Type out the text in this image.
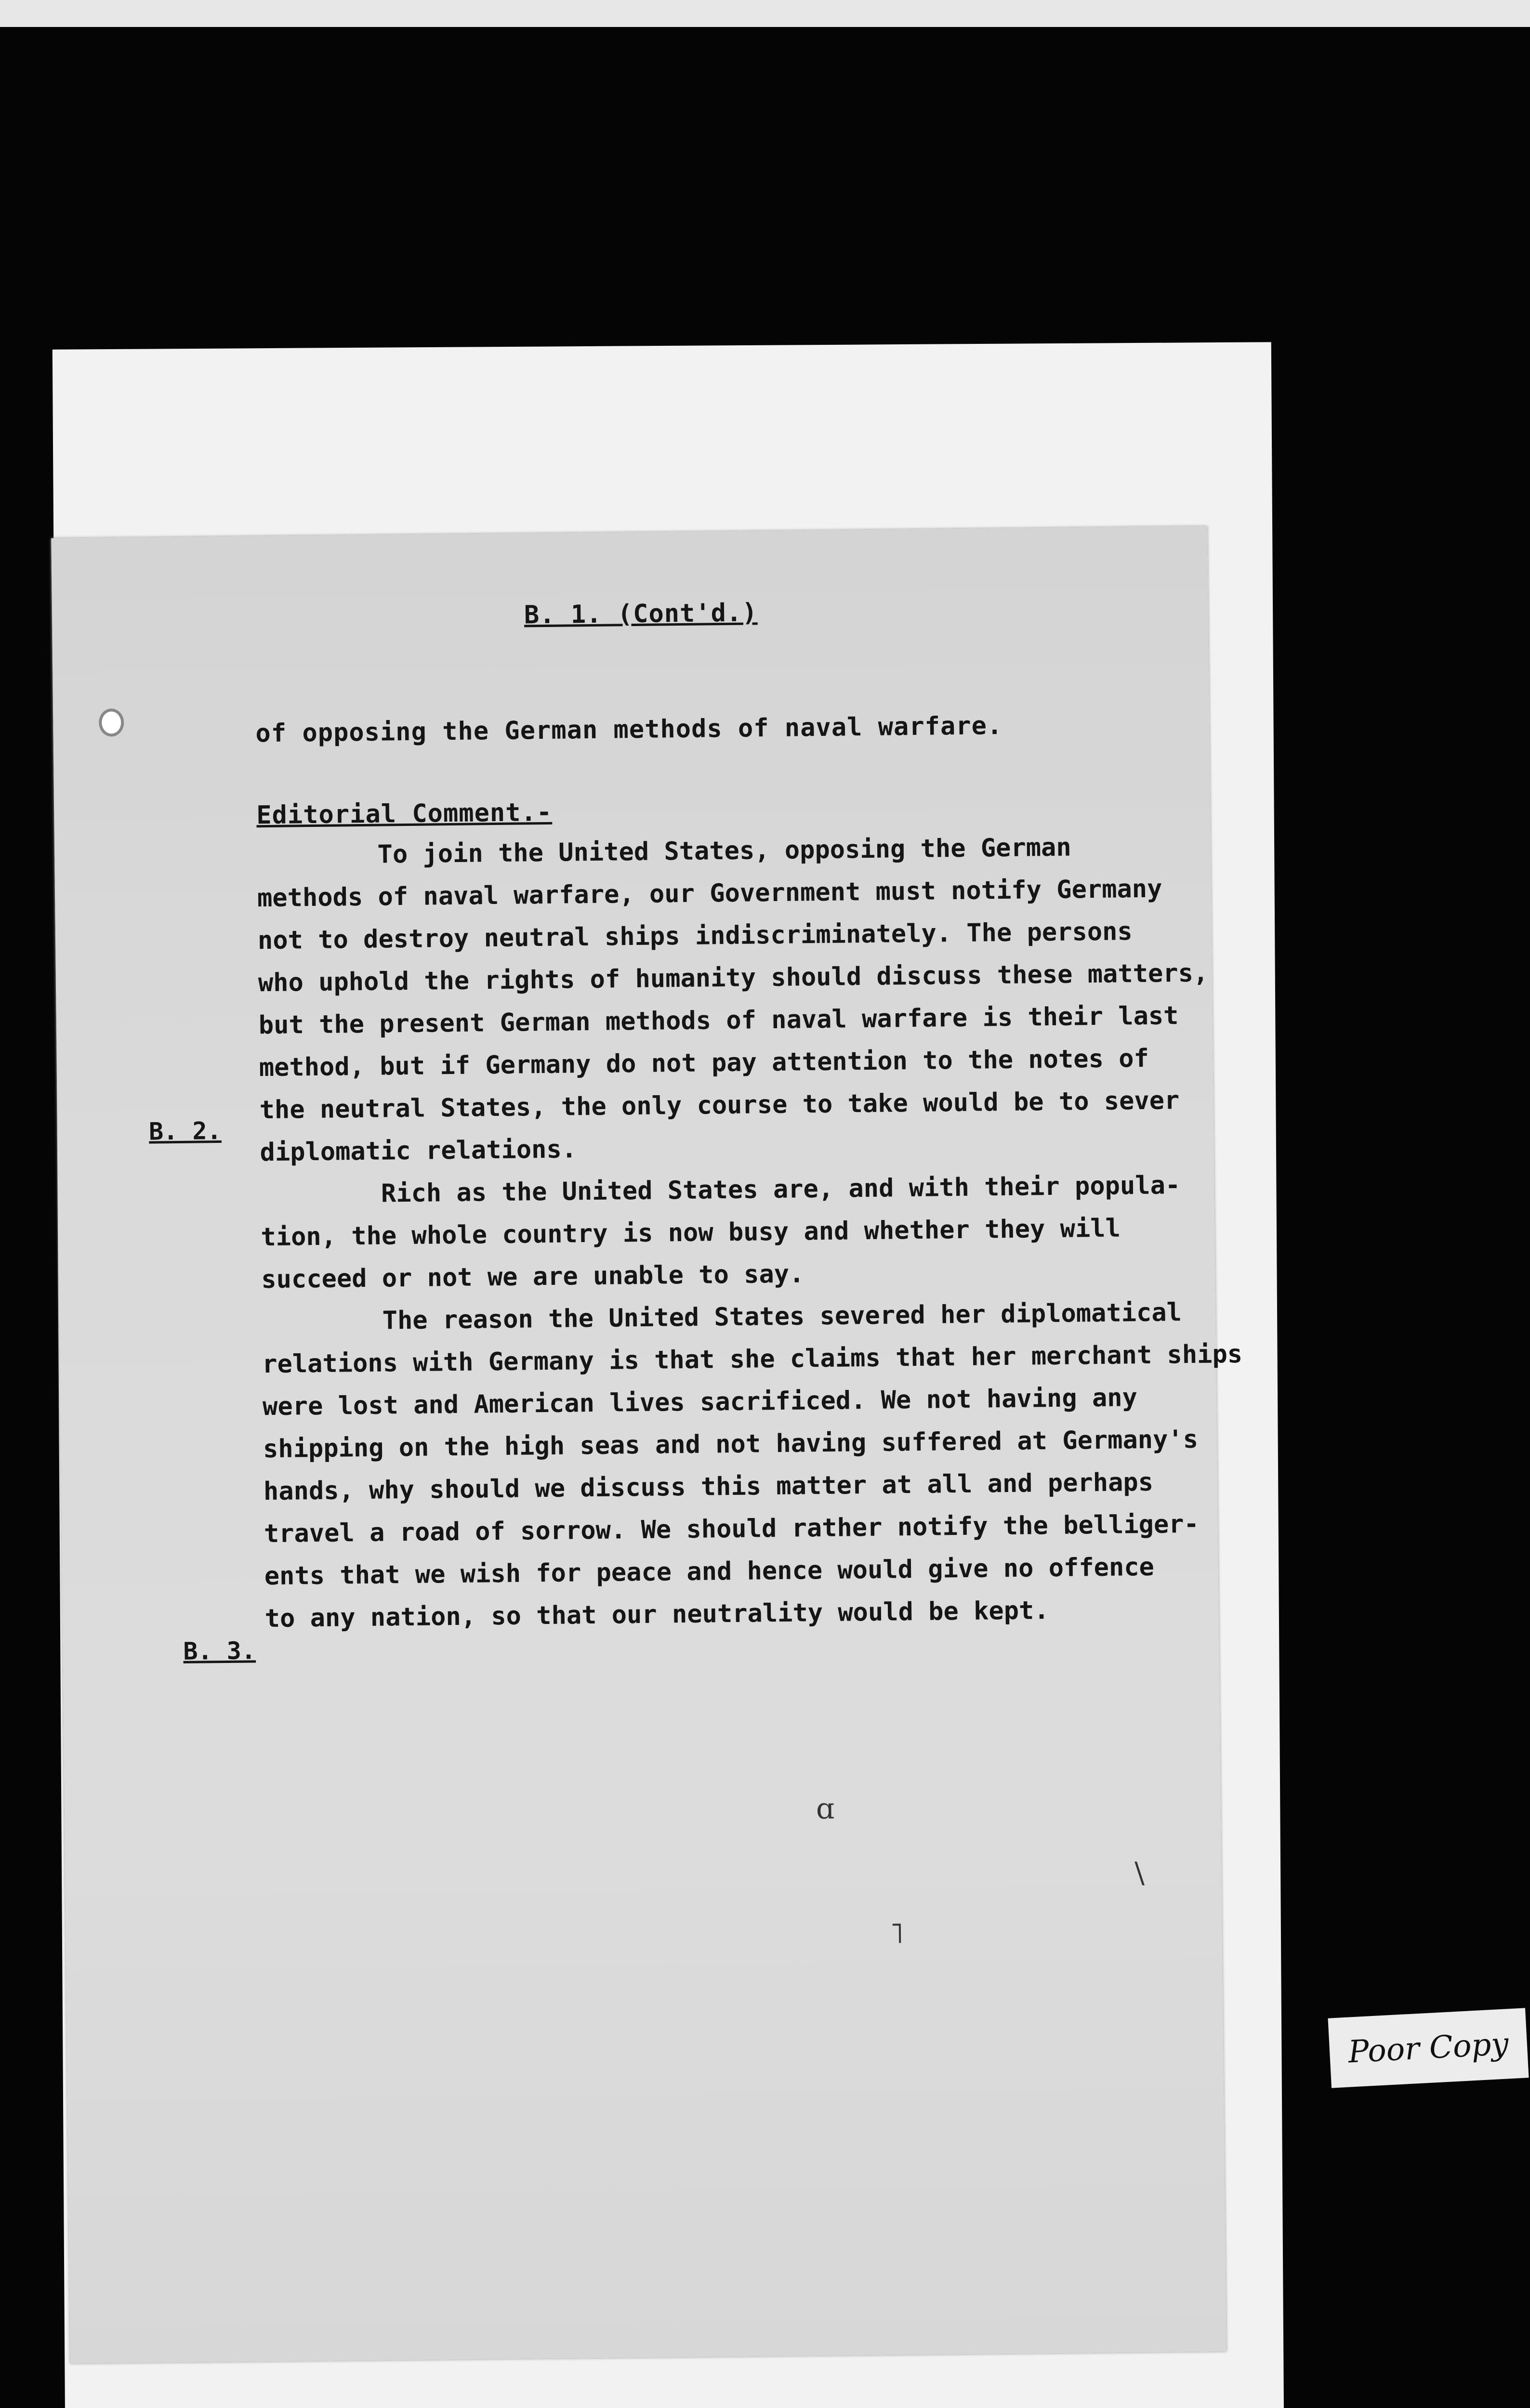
B. 1. (Cont'd.)
of opposing the German methods of naval warfare.
Editorial Comment.-
To join the United States, opposing the German
methods of naval warfare, our Government must notify Germany
not to destroy neutral ships indiscriminately. The persons
who uphold the rights of humanity should discuss these matters,
but the present German methods of naval warfare is their last
method, but if Germany do not pay attention to the notes of
the neutral States, the only course to take would be to sever
diplomatic relations.
Rich as the United States are, and with their popula-
tion, the whole country is now busy and whether they will
succeed or not we are unable to say.
The reason the United States severed her diplomatical
relations with Germany is that she claims that her merchant ships
were lost and American lives sacrificed. We not having any
shipping on the high seas and not having suffered at Germany's
hands, why should we discuss this matter at all and perhaps
travel a road of sorrow. We should rather notify the belliger-
ents that we wish for peace and hence would give no offence
to any nation, so that our neutrality would be kept.
B. 2.
B. 3.
ɑ
˥
\
Poor Copy
